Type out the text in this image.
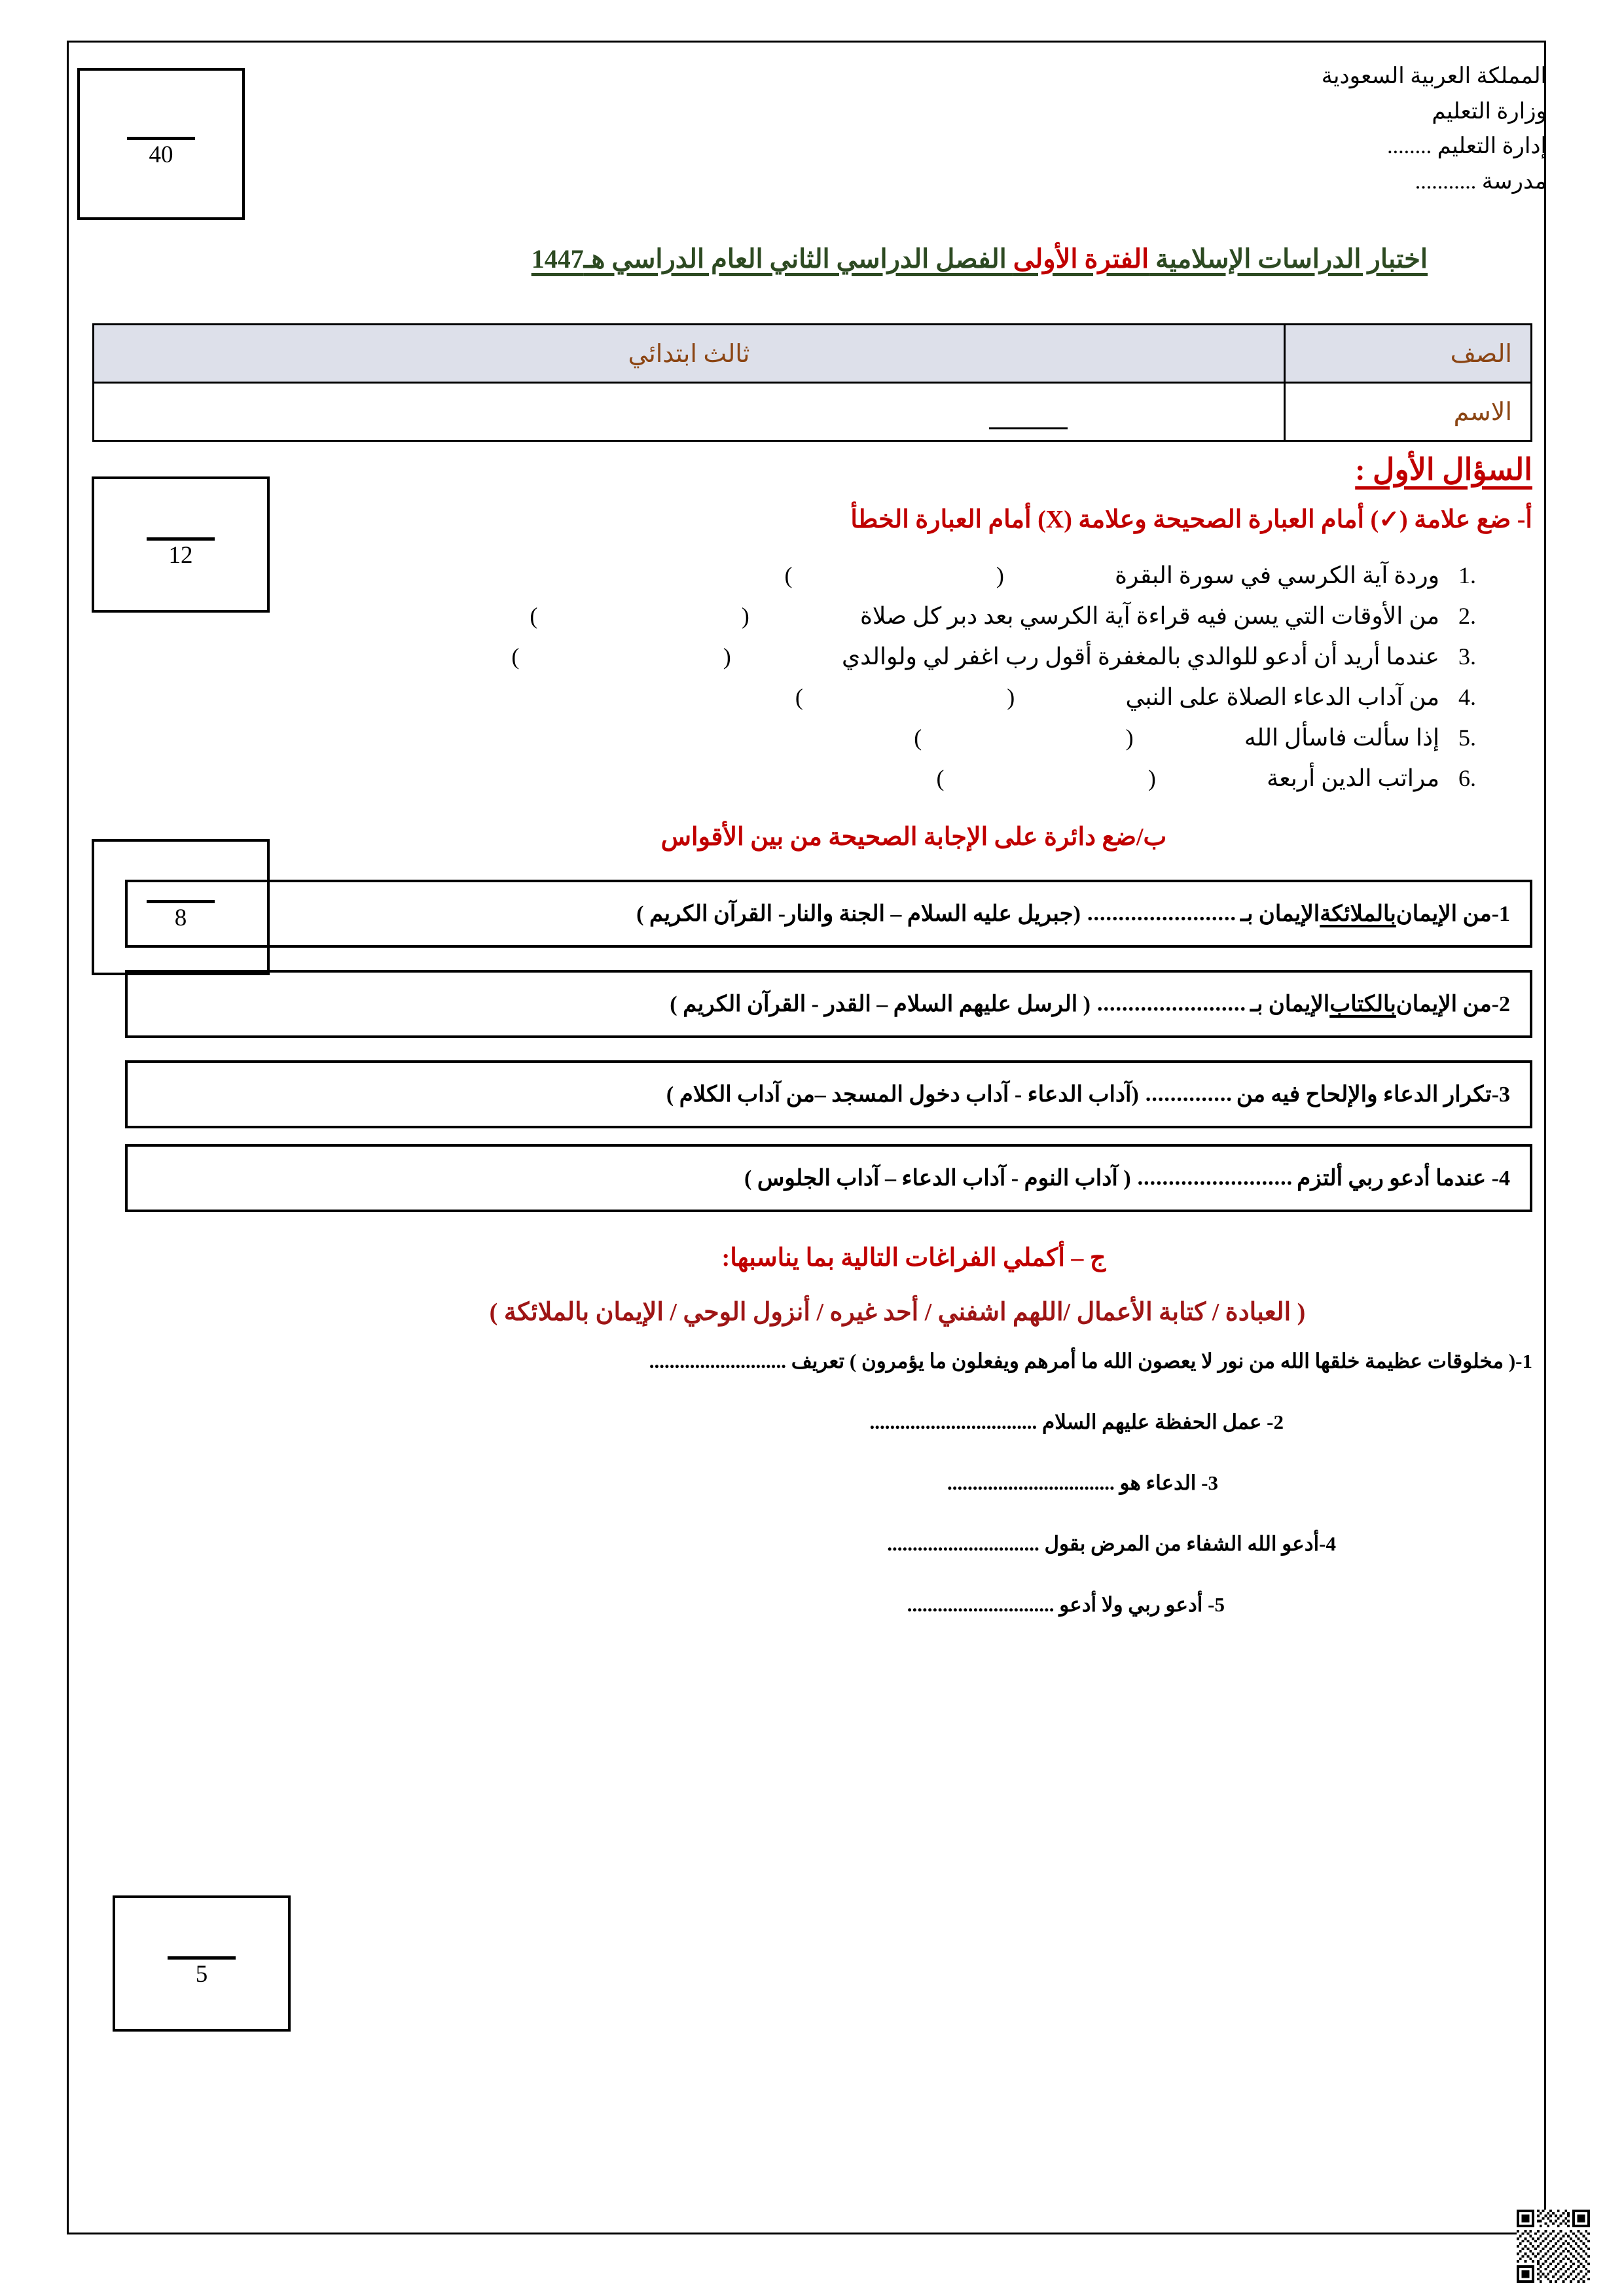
40
المملكة العربية السعودية
وزارة التعليم
إدارة التعليم ........
مدرسة ...........
اختبار الدراسات الإسلامية الفترة الأولى الفصل الدراسي الثاني العام الدراسي 1447هـ
الصف	ثالث ابتدائي
الاسم	
12
8
5
السؤال الأول :
أ- ضع علامة (✓) أمام العبارة الصحيحة وعلامة (X) أمام العبارة الخطأ
1.
وردة آية الكرسي في سورة البقرة( )
2.
من الأوقات التي يسن فيه قراءة آية الكرسي بعد دبر كل صلاة( )
3.
عندما أريد أن أدعو للوالدي بالمغفرة أقول رب اغفر لي ولوالدي( )
4.
من آداب الدعاء الصلاة على النبي( )
5.
إذا سألت فاسأل الله( )
6.
مراتب الدين أربعة( )
ب/ضع دائرة على الإجابة الصحيحة من بين الأقواس
1-من الإيمان
بالملائكة
الإيمان بـ
........................
(جبريل عليه السلام – الجنة والنار- القرآن الكريم )
2-من الإيمان
بالكتاب
الإيمان بـ
........................
( الرسل عليهم السلام – القدر - القرآن الكريم )
3-تكرار الدعاء والإلحاح فيه من
..............
(آداب الدعاء - آداب دخول المسجد –من آداب الكلام )
4- عندما أدعو ربي ألتزم
.........................
( آداب النوم - آداب الدعاء – آداب الجلوس )
ج – أكملي الفراغات التالية بما يناسبها:
( العبادة / كتابة الأعمال /اللهم اشفني / أحد غيره / أنزول الوحي / الإيمان بالملائكة )
1-( مخلوقات عظيمة خلقها الله من نور لا يعصون الله ما أمرهم ويفعلون ما يؤمرون ) تعريف ...........................
2- عمل الحفظة عليهم السلام .................................
3- الدعاء هو .................................
4-أدعو الله الشفاء من المرض بقول ..............................
5- أدعو ربي ولا أدعو .............................
